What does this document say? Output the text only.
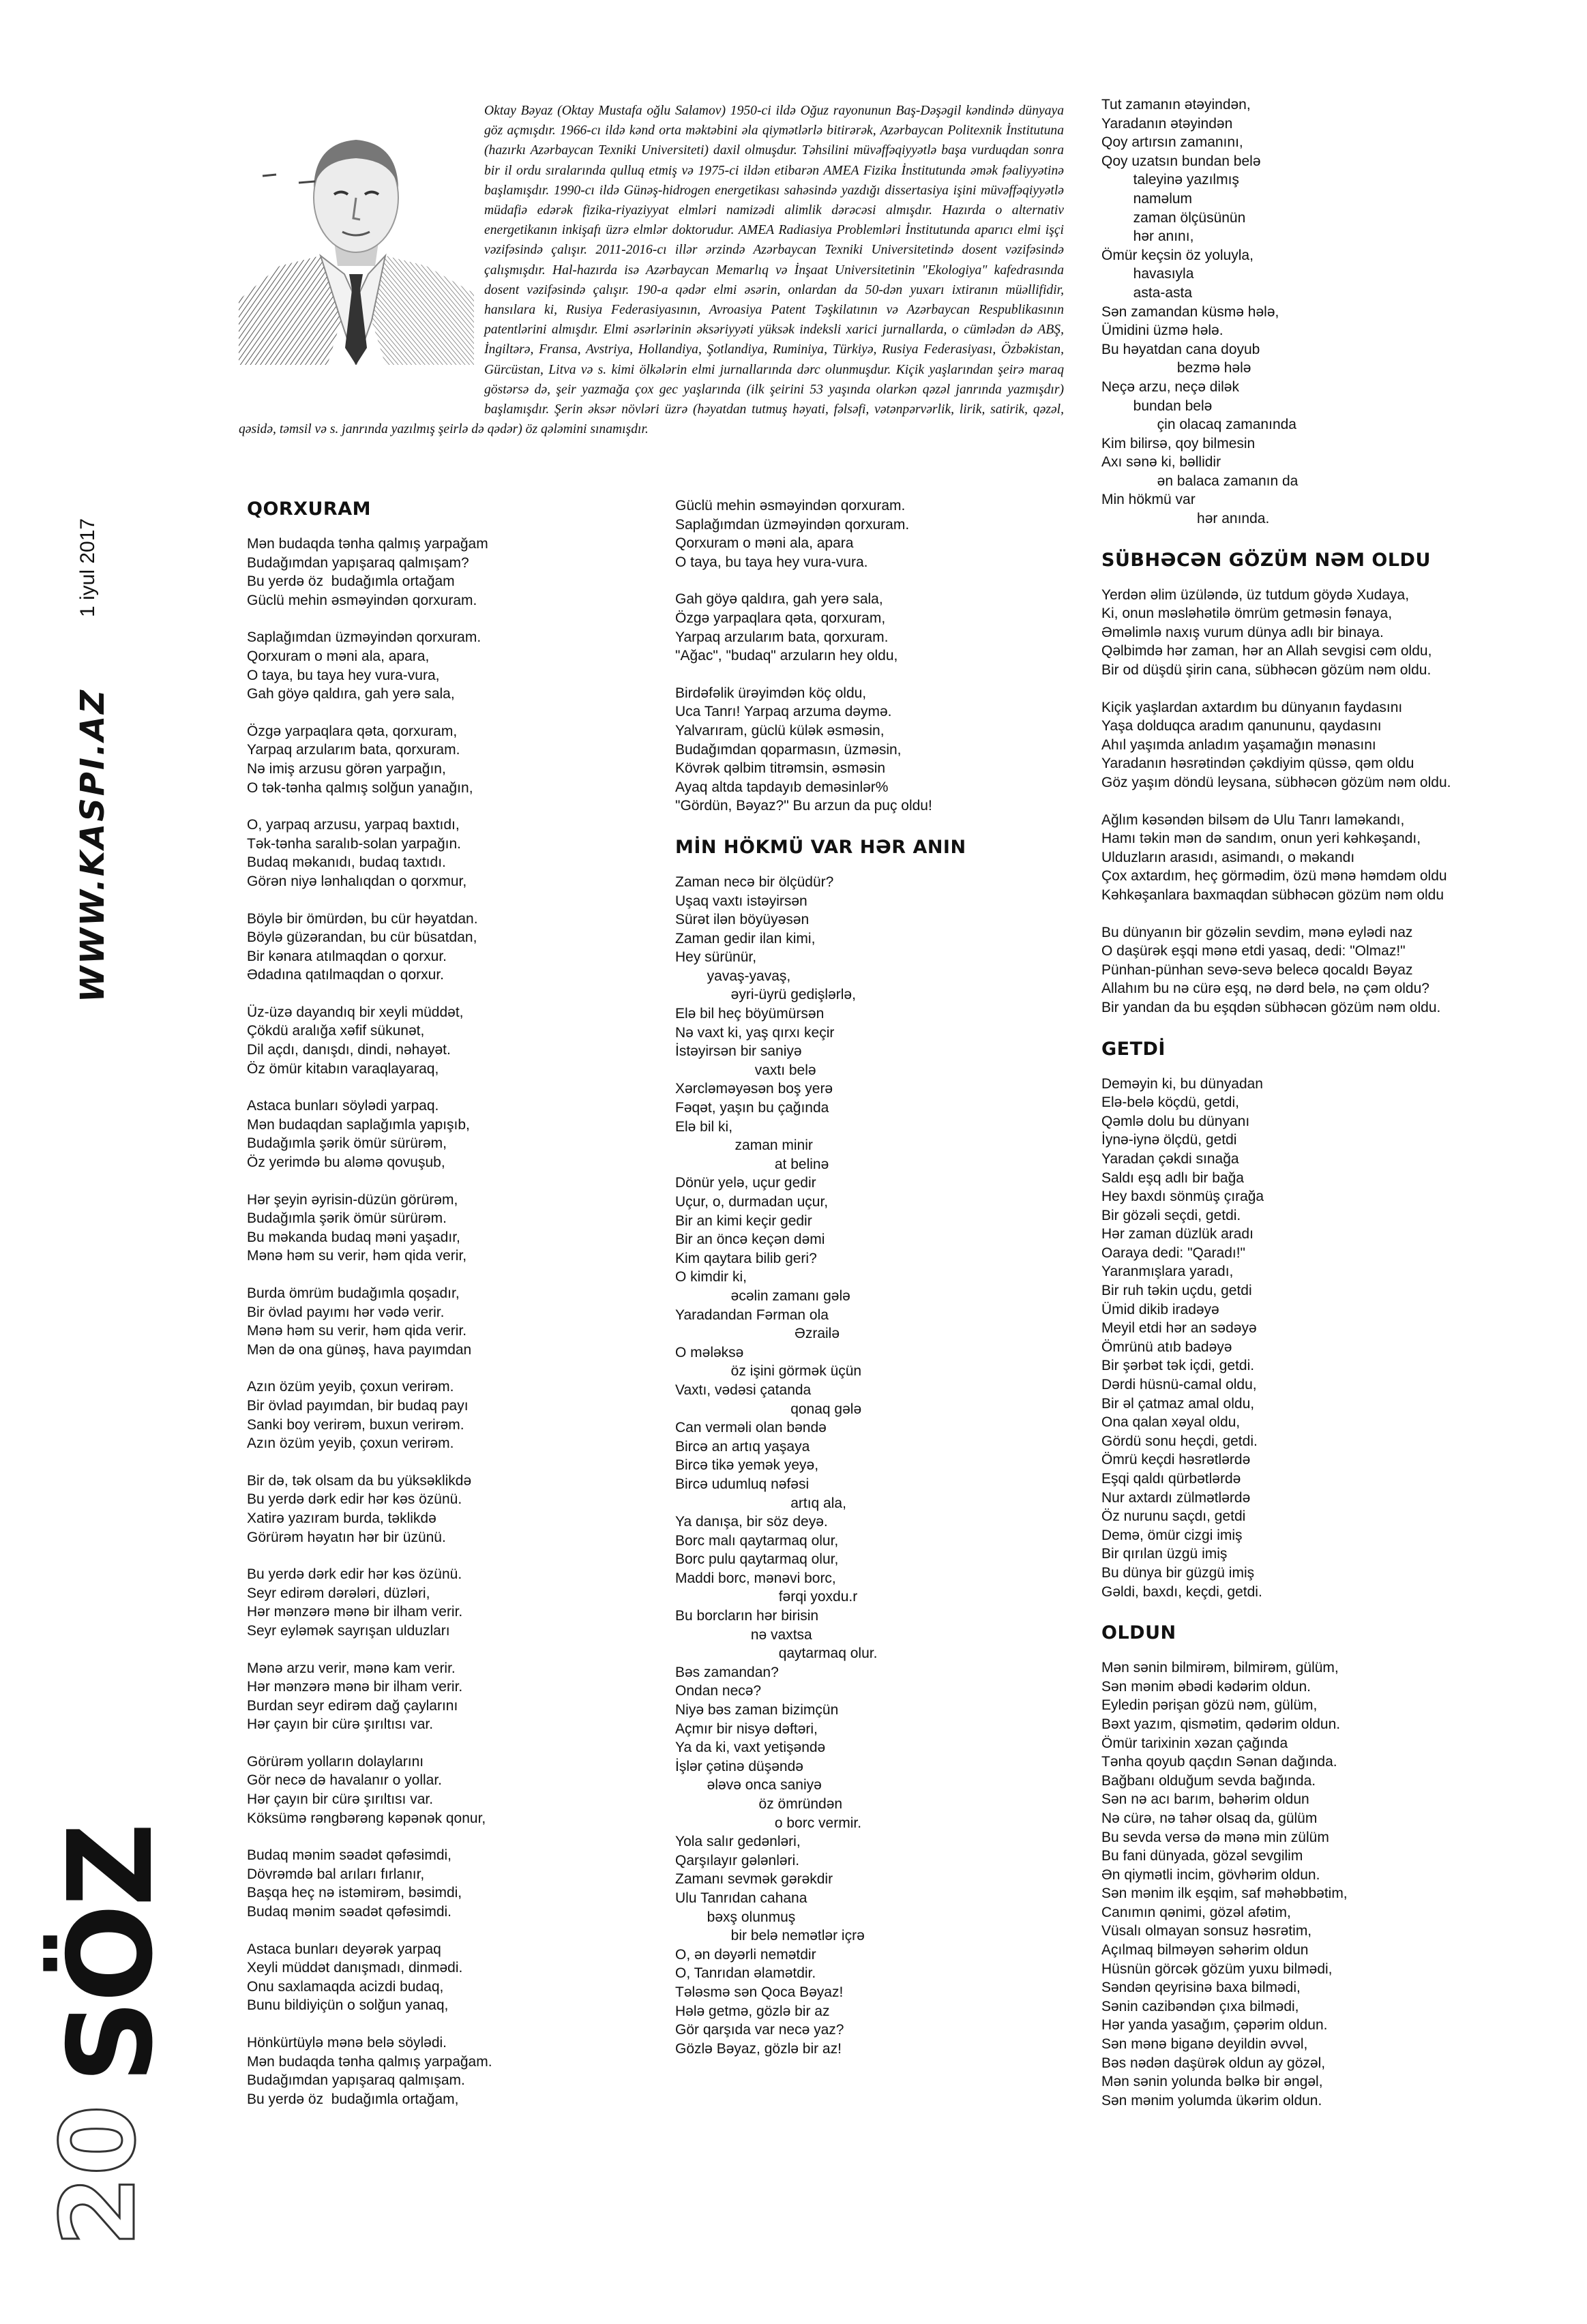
1 iyul 2017
WWW.KASPI.AZ
SÖZ
20

Oktay Bəyaz (Oktay Mustafa oğlu Salamov) 1950-ci ildə Oğuz rayonunun Baş-Dəşəgil kəndində dünyaya göz açmışdır. 1966-cı ildə kənd orta məktəbini əla qiymətlərlə bitirərək, Azərbaycan Politexnik İnstitutuna (hazırkı Azərbaycan Texniki Universiteti) daxil olmuşdur. Təhsilini müvəffəqiyyətlə başa vurduqdan sonra bir il ordu sıralarında qulluq etmiş və 1975-ci ildən etibarən AMEA Fizika İnstitutunda əmək fəaliyyətinə başlamışdır. 1990-cı ildə Günəş-hidrogen energetikası sahəsində yazdığı dissertasiya işini müvəffəqiyyətlə müdafiə edərək fizika-riyaziyyat elmləri namizədi alimlik dərəcəsi almışdır. Hazırda o alternativ energetikanın inkişafı üzrə elmlər doktorudur. AMEA Radiasiya Problemləri İnstitutunda aparıcı elmi işçi vəzifəsində çalışır. 2011-2016-cı illər ərzində Azərbaycan Texniki Universitetində dosent vəzifəsində çalışmışdır. Hal-hazırda isə Azərbaycan Memarlıq və İnşaat Universitetinin "Ekologiya" kafedrasında dosent vəzifəsində çalışır. 190-a qədər elmi əsərin, onlardan da 50-dən yuxarı ixtiranın müəllifidir, hansılara ki, Rusiya Federasiyasının, Avroasiya Patent Təşkilatının və Azərbaycan Respublikasının patentlərini almışdır. Elmi əsərlərinin əksəriyyəti yüksək indeksli xarici jurnallarda, o cümlədən də ABŞ, İngiltərə, Fransa, Avstriya, Hollandiya, Şotlandiya, Ruminiya, Türkiyə, Rusiya Federasiyası, Özbəkistan, Gürcüstan, Litva və s. kimi ölkələrin elmi jurnallarında dərc olunmuşdur. Kiçik yaşlarından şeirə maraq göstərsə də, şeir yazmağa çox gec yaşlarında (ilk şeirini 53 yaşında olarkən qəzəl janrında yazmışdır) başlamışdır. Şerin əksər növləri üzrə (həyatdan tutmuş həyati, fəlsəfi, vətənpərvərlik, lirik, satirik, qəzəl, qəsidə, təmsil və s. janrında yazılmış şeirlə də qədər) öz qələmini sınamışdır.

QORXURAM
Mən budaqda tənha qalmış yarpağam
Budağımdan yapışaraq qalmışam?
Bu yerdə öz  budağımla ortağam
Güclü mehin əsməyindən qorxuram.
Saplağımdan üzməyindən qorxuram.
Qorxuram o məni ala, apara,
O taya, bu taya hey vura-vura,
Gah göyə qaldıra, gah yerə sala,
Özgə yarpaqlara qəta, qorxuram,
Yarpaq arzularım bata, qorxuram.
Nə imiş arzusu görən yarpağın,
O tək-tənha qalmış solğun yanağın,
O, yarpaq arzusu, yarpaq baxtıdı,
Tək-tənha saralıb-solan yarpağın.
Budaq məkanıdı, budaq taxtıdı.
Görən niyə lənhalıqdan o qorxmur,
Böylə bir ömürdən, bu cür həyatdan.
Böylə güzərandan, bu cür büsatdan,
Bir kənara atılmaqdan o qorxur.
Ədadına qatılmaqdan o qorxur.
Üz-üzə dayandıq bir xeyli müddət,
Çökdü aralığa xəfif sükunət,
Dil açdı, danışdı, dindi, nəhayət.
Öz ömür kitabın varaqlayaraq,
Astaca bunları söylədi yarpaq.
Mən budaqdan saplağımla yapışıb,
Budağımla şərik ömür sürürəm,
Öz yerimdə bu aləmə qovuşub,
Hər şeyin əyrisin-düzün görürəm,
Budağımla şərik ömür sürürəm.
Bu məkanda budaq məni yaşadır,
Mənə həm su verir, həm qida verir,
Burda ömrüm budağımla qoşadır,
Bir övlad payımı hər vədə verir.
Mənə həm su verir, həm qida verir.
Mən də ona günəş, hava payımdan
Azın özüm yeyib, çoxun verirəm.
Bir övlad payımdan, bir budaq payı
Sanki boy verirəm, buxun verirəm.
Azın özüm yeyib, çoxun verirəm.
Bir də, tək olsam da bu yüksəklikdə
Bu yerdə dərk edir hər kəs özünü.
Xatirə yazıram burda, təklikdə
Görürəm həyatın hər bir üzünü.
Bu yerdə dərk edir hər kəs özünü.
Seyr edirəm dərələri, düzləri,
Hər mənzərə mənə bir ilham verir.
Seyr eyləmək sayrışan ulduzları
Mənə arzu verir, mənə kam verir.
Hər mənzərə mənə bir ilham verir.
Burdan seyr edirəm dağ çaylarını
Hər çayın bir cürə şırıltısı var.
Görürəm yolların dolaylarını
Gör necə də havalanır o yollar.
Hər çayın bir cürə şırıltısı var.
Köksümə rəngbərəng kəpənək qonur,
Budaq mənim səadət qəfəsimdi,
Dövrəmdə bal arıları fırlanır,
Başqa heç nə istəmirəm, bəsimdi,
Budaq mənim səadət qəfəsimdi.
Astaca bunları deyərək yarpaq
Xeyli müddət danışmadı, dinmədi.
Onu saxlamaqda acizdi budaq,
Bunu bildiyiçün o solğun yanaq,
Hönkürtüylə mənə belə söylədi.
Mən budaqda tənha qalmış yarpağam.
Budağımdan yapışaraq qalmışam.
Bu yerdə öz  budağımla ortağam,
Güclü mehin əsməyindən qorxuram.
Saplağımdan üzməyindən qorxuram.
Qorxuram o məni ala, apara
O taya, bu taya hey vura-vura.
Gah göyə qaldıra, gah yerə sala,
Özgə yarpaqlara qəta, qorxuram,
Yarpaq arzularım bata, qorxuram.
"Ağac", "budaq" arzuların hey oldu,
Birdəfəlik ürəyimdən köç oldu,
Uca Tanrı! Yarpaq arzuma dəymə.
Yalvarıram, güclü külək əsməsin,
Budağımdan qoparmasın, üzməsin,
Kövrək qəlbim titrəmsin, əsməsin
Ayaq altda tapdayıb deməsinlər%
"Gördün, Bəyaz?" Bu arzun da puç oldu!
MİN HÖKMÜ VAR HƏR ANIN
Zaman necə bir ölçüdür?
Uşaq vaxtı istəyirsən
Sürət ilən böyüyəsən
Zaman gedir ilan kimi,
Hey sürünür,
yavaş-yavaş,
əyri-üyrü gedişlərlə,
Elə bil heç böyümürsən
Nə vaxt ki, yaş qırxı keçir
İstəyirsən bir saniyə
vaxtı belə
Xərcləməyəsən boş yerə
Fəqət, yaşın bu çağında
Elə bil ki,
zaman minir
at belinə
Dönür yelə, uçur gedir
Uçur, o, durmadan uçur,
Bir an kimi keçir gedir
Bir an öncə keçən dəmi
Kim qaytara bilib geri?
O kimdir ki,
əcəlin zamanı gələ
Yaradandan Fərman ola
Əzrailə
O mələksə
öz işini görmək üçün
Vaxtı, vədəsi çatanda
qonaq gələ
Can verməli olan bəndə
Bircə an artıq yaşaya
Bircə tikə yemək yeyə,
Bircə udumluq nəfəsi
artıq ala,
Ya danışa, bir söz deyə.
Borc malı qaytarmaq olur,
Borc pulu qaytarmaq olur,
Maddi borc, mənəvi borc,
fərqi yoxdu.r
Bu borcların hər birisin
nə vaxtsa
qaytarmaq olur.
Bəs zamandan?
Ondan necə?
Niyə bəs zaman bizimçün
Açmır bir nisyə dəftəri,
Ya da ki, vaxt yetişəndə
İşlər çətinə düşəndə
ələvə onca saniyə
öz ömründən
o borc vermir.
Yola salır gedənləri,
Qarşılayır gələnləri.
Zamanı sevmək gərəkdir
Ulu Tanrıdan cahana
bəxş olunmuş
bir belə nemətlər içrə
O, ən dəyərli nemətdir
O, Tanrıdan əlamətdir.
Tələsmə sən Qoca Bəyaz!
Hələ getmə, gözlə bir az
Gör qarşıda var necə yaz?
Gözlə Bəyaz, gözlə bir az!
Tut zamanın ətəyindən,
Yaradanın ətəyindən
Qoy artırsın zamanını,
Qoy uzatsın bundan belə
taleyinə yazılmış
naməlum
zaman ölçüsünün
hər anını,
Ömür keçsin öz yoluyla,
havasıyla
asta-asta
Sən zamandan küsmə hələ,
Ümidini üzmə hələ.
Bu həyatdan cana doyub
bezmə hələ
Neçə arzu, neçə dilək
bundan belə
çin olacaq zamanında
Kim bilirsə, qoy bilmesin
Axı sənə ki, bəllidir
ən balaca zamanın da
Min hökmü var
hər anında.
SÜBHƏCƏN GÖZÜM NƏM OLDU
Yerdən əlim üzüləndə, üz tutdum göydə Xudaya,
Ki, onun məsləhətilə ömrüm getməsin fənaya,
Əməlimlə naxış vurum dünya adlı bir binaya.
Qəlbimdə hər zaman, hər an Allah sevgisi cəm oldu,
Bir od düşdü şirin cana, sübhəcən gözüm nəm oldu.
Kiçik yaşlardan axtardım bu dünyanın faydasını
Yaşa dolduqca aradım qanununu, qaydasını
Ahıl yaşımda anladım yaşamağın mənasını
Yaradanın həsrətindən çəkdiyim qüssə, qəm oldu
Göz yaşım döndü leysana, sübhəcən gözüm nəm oldu.
Ağlım kəsəndən bilsəm də Ulu Tanrı laməkandı,
Hamı təkin mən də sandım, onun yeri kəhkəşandı,
Ulduzların arasıdı, asimandı, o məkandı
Çox axtardım, heç görmədim, özü mənə həmdəm oldu
Kəhkəşanlara baxmaqdan sübhəcən gözüm nəm oldu
Bu dünyanın bir gözəlin sevdim, mənə eylədi naz
O daşürək eşqi mənə etdi yasaq, dedi: "Olmaz!"
Pünhan-pünhan sevə-sevə belecə qocaldı Bəyaz
Allahım bu nə cürə eşq, nə dərd belə, nə çəm oldu?
Bir yandan da bu eşqdən sübhəcən gözüm nəm oldu.
GETDİ
Deməyin ki, bu dünyadan
Elə-belə köçdü, getdi,
Qəmlə dolu bu dünyanı
İynə-iynə ölçdü, getdi
Yaradan çəkdi sınağa
Saldı eşq adlı bir bağa
Hey baxdı sönmüş çırağa
Bir gözəli seçdi, getdi.
Hər zaman düzlük aradı
Oaraya dedi: "Qaradı!"
Yaranmışlara yaradı,
Bir ruh təkin uçdu, getdi
Ümid dikib iradəyə
Meyil etdi hər an sədəyə
Ömrünü atıb badəyə
Bir şərbət tək içdi, getdi.
Dərdi hüsnü-camal oldu,
Bir əl çatmaz amal oldu,
Ona qalan xəyal oldu,
Gördü sonu heçdi, getdi.
Ömrü keçdi həsrətlərdə
Eşqi qaldı qürbətlərdə
Nur axtardı zülmətlərdə
Öz nurunu saçdı, getdi
Demə, ömür cizgi imiş
Bir qırılan üzgü imiş
Bu dünya bir güzgü imiş
Gəldi, baxdı, keçdi, getdi.
OLDUN
Mən sənin bilmirəm, bilmirəm, gülüm,
Sən mənim əbədi kədərim oldun.
Eyledin pərişan gözü nəm, gülüm,
Bəxt yazım, qismətim, qədərim oldun.
Ömür tarixinin xəzan çağında
Tənha qoyub qaçdın Sənan dağında.
Bağbanı olduğum sevda bağında.
Sən nə acı barım, bəhərim oldun
Nə cürə, nə tahər olsaq da, gülüm
Bu sevda versə də mənə min zülüm
Bu fani dünyada, gözəl sevgilim
Ən qiymətli incim, gövhərim oldun.
Sən mənim ilk eşqim, saf məhəbbətim,
Canımın qənimi, gözəl afətim,
Vüsalı olmayan sonsuz həsrətim,
Açılmaq bilməyən səhərim oldun
Hüsnün görcək gözüm yuxu bilmədi,
Səndən qeyrisinə baxa bilmədi,
Sənin cazibəndən çıxa bilmədi,
Hər yanda yasağım, çəpərim oldun.
Sən mənə biganə deyildin əvvəl,
Bəs nədən daşürək oldun ay gözəl,
Mən sənin yolunda bəlkə bir əngəl,
Sən mənim yolumda ükərim oldun.
